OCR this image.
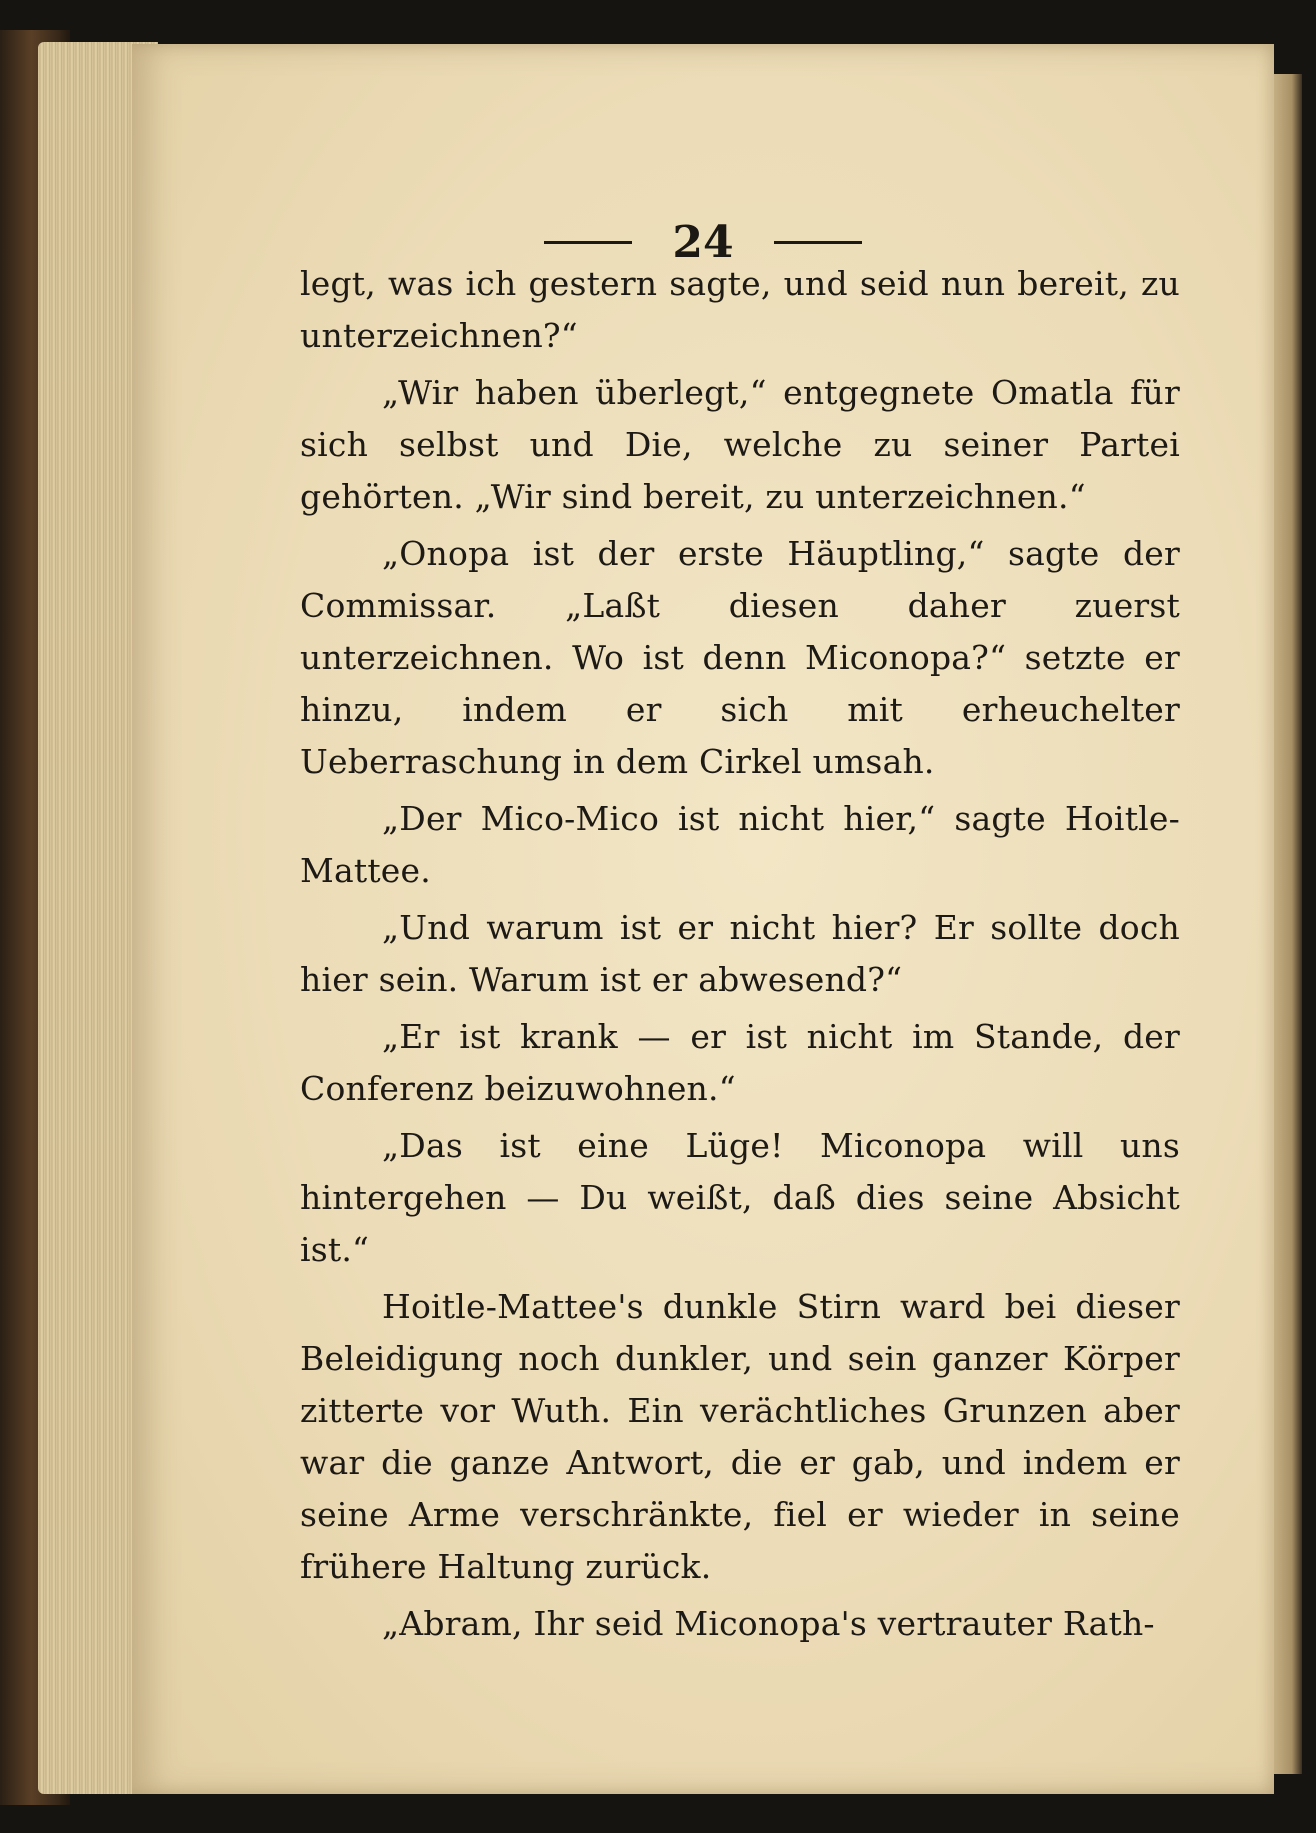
24

legt, was ich gestern sagte, und seid nun bereit, zu unterzeichnen?“

„Wir haben überlegt,“ entgegnete Omatla für sich selbst und Die, welche zu seiner Partei gehörten. „Wir sind bereit, zu unterzeichnen.“

„Onopa ist der erste Häuptling,“ sagte der Commissar. „Laßt diesen daher zuerst unterzeichnen. Wo ist denn Miconopa?“ setzte er hinzu, indem er sich mit erheuchelter Ueberraschung in dem Cirkel umsah.

„Der Mico-Mico ist nicht hier,“ sagte Hoitle-Mattee.

„Und warum ist er nicht hier? Er sollte doch hier sein. Warum ist er abwesend?“

„Er ist krank — er ist nicht im Stande, der Conferenz beizuwohnen.“

„Das ist eine Lüge! Miconopa will uns hintergehen — Du weißt, daß dies seine Absicht ist.“

Hoitle-Mattee's dunkle Stirn ward bei dieser Beleidigung noch dunkler, und sein ganzer Körper zitterte vor Wuth. Ein verächtliches Grunzen aber war die ganze Antwort, die er gab, und indem er seine Arme verschränkte, fiel er wieder in seine frühere Haltung zurück.

„Abram, Ihr seid Miconopa's vertrauter Rath-
